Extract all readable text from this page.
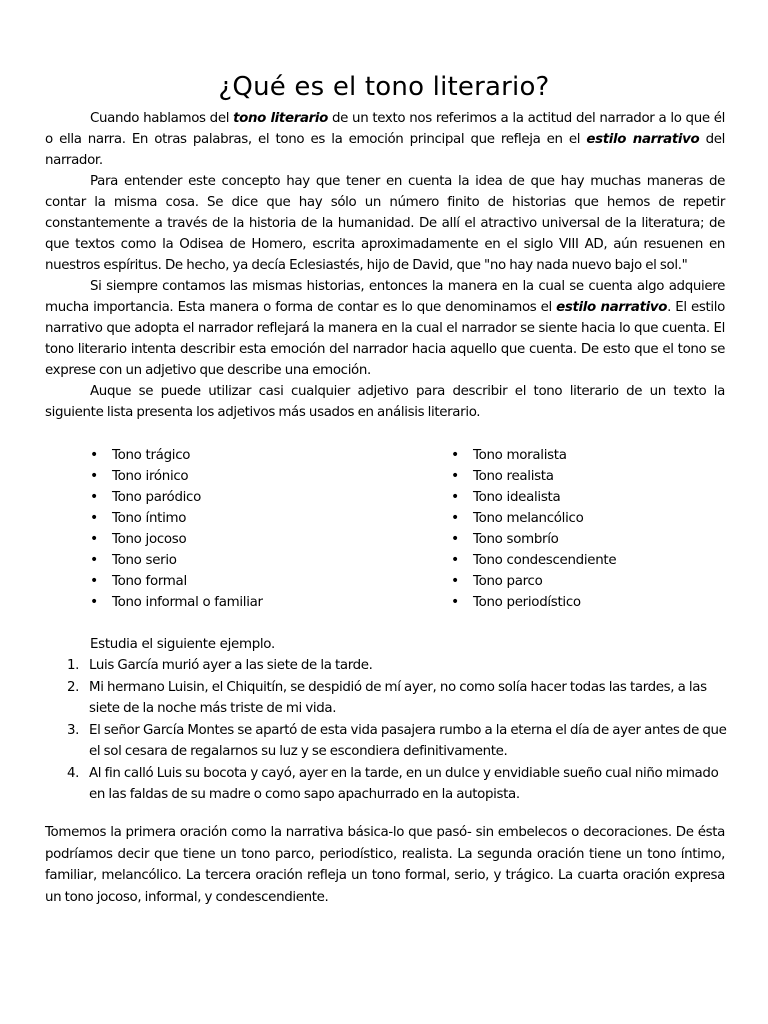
¿Qué es el tono literario?

Cuando hablamos del tono literario de un texto nos referimos a la actitud del narrador a lo que él o ella narra. En otras palabras, el tono es la emoción principal que refleja en el estilo narrativo del narrador.

Para entender este concepto hay que tener en cuenta la idea de que hay muchas maneras de contar la misma cosa. Se dice que hay sólo un número finito de historias que hemos de repetir constantemente a través de la historia de la humanidad. De allí el atractivo universal de la literatura; de que textos como la Odisea de Homero, escrita aproximadamente en el siglo VIII AD, aún resuenen en nuestros espíritus. De hecho, ya decía Eclesiastés, hijo de David, que "no hay nada nuevo bajo el sol."

Si siempre contamos las mismas historias, entonces la manera en la cual se cuenta algo adquiere mucha importancia. Esta manera o forma de contar es lo que denominamos el estilo narrativo. El estilo narrativo que adopta el narrador reflejará la manera en la cual el narrador se siente hacia lo que cuenta. El tono literario intenta describir esta emoción del narrador hacia aquello que cuenta. De esto que el tono se exprese con un adjetivo que describe una emoción.

Auque se puede utilizar casi cualquier adjetivo para describir el tono literario de un texto la siguiente lista presenta los adjetivos más usados en análisis literario.

• Tono trágico
• Tono irónico
• Tono paródico
• Tono íntimo
• Tono jocoso
• Tono serio
• Tono formal
• Tono informal o familiar
• Tono moralista
• Tono realista
• Tono idealista
• Tono melancólico
• Tono sombrío
• Tono condescendiente
• Tono parco
• Tono periodístico
Estudia el siguiente ejemplo.
1. Luis García murió ayer a las siete de la tarde.
2. Mi hermano Luisin, el Chiquitín, se despidió de mí ayer, no como solía hacer todas las tardes, a las siete de la noche más triste de mi vida.
3. El señor García Montes se apartó de esta vida pasajera rumbo a la eterna el día de ayer antes de que el sol cesara de regalarnos su luz y se escondiera definitivamente.
4. Al fin calló Luis su bocota y cayó, ayer en la tarde, en un dulce y envidiable sueño cual niño mimado en las faldas de su madre o como sapo apachurrado en la autopista.

Tomemos la primera oración como la narrativa básica-lo que pasó- sin embelecos o decoraciones. De ésta podríamos decir que tiene un tono parco, periodístico, realista. La segunda oración tiene un tono íntimo, familiar, melancólico. La tercera oración refleja un tono formal, serio, y trágico. La cuarta oración expresa un tono jocoso, informal, y condescendiente.
